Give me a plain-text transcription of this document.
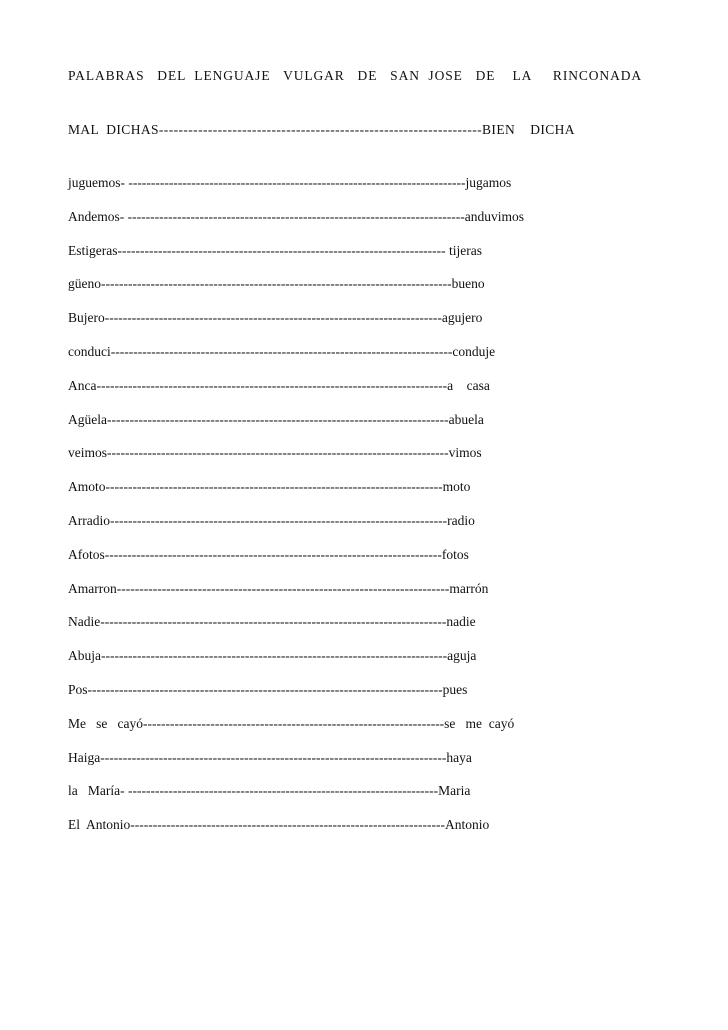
PALABRAS   DEL  LENGUAJE   VULGAR   DE   SAN  JOSE   DE    LA     RINCONADA
MAL  DICHAS------------------------------------------------------------------BIEN    DICHA
juguemos- ---------------------------------------------------------------------------jugamos
Andemos- ---------------------------------------------------------------------------anduvimos
Estigeras------------------------------------------------------------------------- tijeras
güeno------------------------------------------------------------------------------bueno
Bujero---------------------------------------------------------------------------agujero
conduci----------------------------------------------------------------------------conduje
Anca------------------------------------------------------------------------------a    casa
Agüela----------------------------------------------------------------------------abuela
veimos----------------------------------------------------------------------------vimos
Amoto---------------------------------------------------------------------------moto
Arradio---------------------------------------------------------------------------radio
Afotos---------------------------------------------------------------------------fotos
Amarron--------------------------------------------------------------------------marrón
Nadie-----------------------------------------------------------------------------nadie
Abuja-----------------------------------------------------------------------------aguja
Pos-------------------------------------------------------------------------------pues
Me   se   cayó-------------------------------------------------------------------se   me  cayó
Haiga-----------------------------------------------------------------------------haya
la   María- ---------------------------------------------------------------------Maria
El  Antonio----------------------------------------------------------------------Antonio
